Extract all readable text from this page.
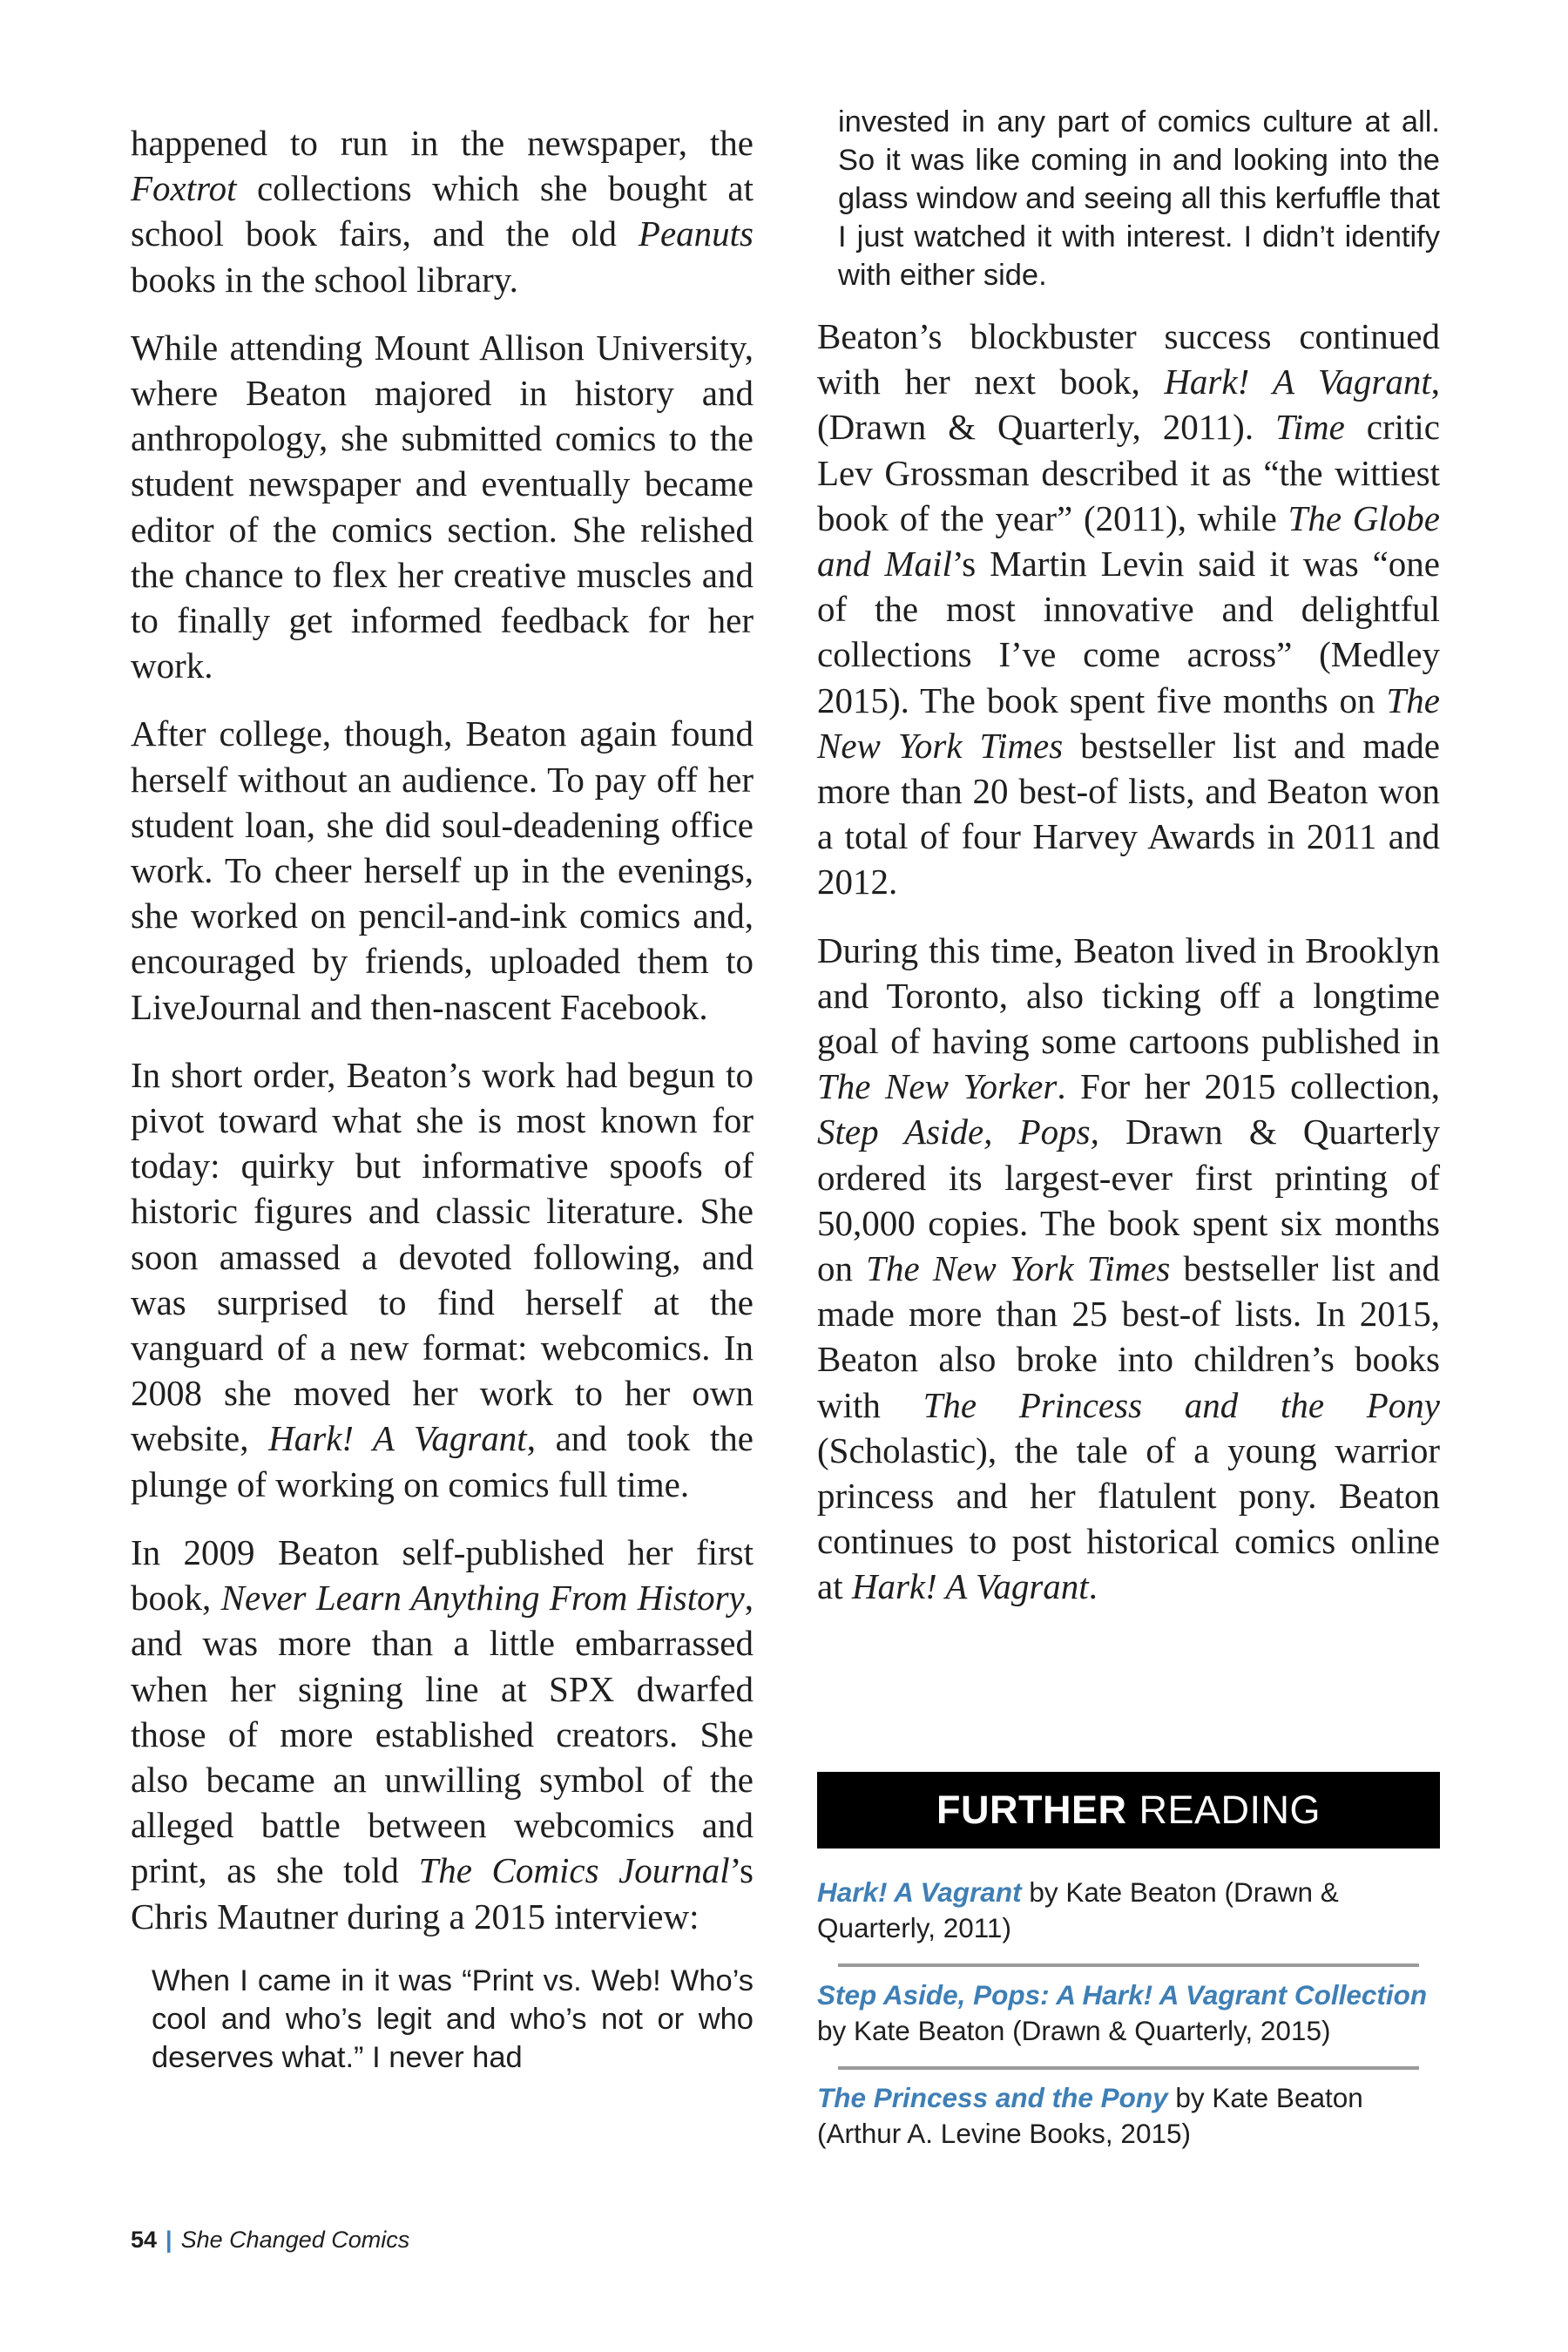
happened to run in the newspaper, the Foxtrot collections which she bought at school book fairs, and the old Peanuts books in the school library.

While attending Mount Allison University, where Beaton majored in history and anthropology, she submitted comics to the student newspaper and eventually became editor of the comics section. She relished the chance to flex her creative muscles and to finally get informed feedback for her work.

After college, though, Beaton again found herself without an audience. To pay off her student loan, she did soul-deadening office work. To cheer herself up in the evenings, she worked on pencil-and-ink comics and, encouraged by friends, uploaded them to LiveJournal and then-nascent Facebook.

In short order, Beaton’s work had begun to pivot toward what she is most known for today: quirky but informative spoofs of historic figures and classic literature. She soon amassed a devoted following, and was surprised to find herself at the vanguard of a new format: webcomics. In 2008 she moved her work to her own website, Hark! A Vagrant, and took the plunge of working on comics full time.

In 2009 Beaton self-published her first book, Never Learn Anything From History, and was more than a little embarrassed when her signing line at SPX dwarfed those of more established creators. She also became an unwilling symbol of the alleged battle between webcomics and print, as she told The Comics Journal’s Chris Mautner during a 2015 interview:

When I came in it was “Print vs. Web! Who’s cool and who’s legit and who’s not or who deserves what.” I never had
invested in any part of comics culture at all. So it was like coming in and looking into the glass window and seeing all this kerfuffle that I just watched it with interest. I didn’t identify with either side.

Beaton’s blockbuster success continued with her next book, Hark! A Vagrant, (Drawn & Quarterly, 2011). Time critic Lev Grossman described it as “the wittiest book of the year” (2011), while The Globe and Mail’s Martin Levin said it was “one of the most innovative and delightful collections I’ve come across” (Medley 2015). The book spent five months on The New York Times bestseller list and made more than 20 best-of lists, and Beaton won a total of four Harvey Awards in 2011 and 2012.

During this time, Beaton lived in Brooklyn and Toronto, also ticking off a longtime goal of having some cartoons published in The New Yorker. For her 2015 collection, Step Aside, Pops, Drawn & Quarterly ordered its largest-ever first printing of 50,000 copies. The book spent six months on The New York Times bestseller list and made more than 25 best-of lists. In 2015, Beaton also broke into children’s books with The Princess and the Pony (Scholastic), the tale of a young warrior princess and her flatulent pony. Beaton continues to post historical comics online at Hark! A Vagrant.

FURTHER READING
Hark! A Vagrant by Kate Beaton (Drawn & Quarterly, 2011)
Step Aside, Pops: A Hark! A Vagrant Collection by Kate Beaton (Drawn & Quarterly, 2015)
The Princess and the Pony by Kate Beaton (Arthur A. Levine Books, 2015)
54 | She Changed Comics
